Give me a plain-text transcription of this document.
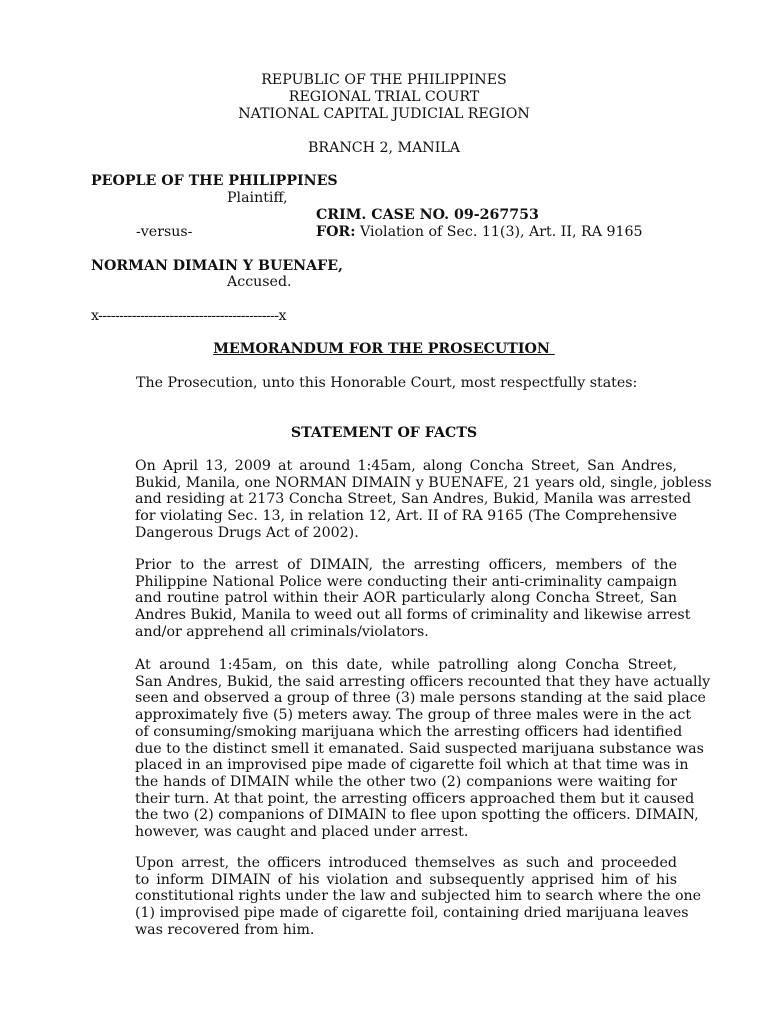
REPUBLIC OF THE PHILIPPINES
REGIONAL TRIAL COURT
NATIONAL CAPITAL JUDICIAL REGION
BRANCH 2, MANILA
PEOPLE OF THE PHILIPPINES
Plaintiff,
CRIM. CASE NO. 09-267753
-versus-	FOR: Violation of Sec. 11(3), Art. II, RA 9165
NORMAN DIMAIN Y BUENAFE,
Accused.
x-------------------------------------------x
MEMORANDUM FOR THE PROSECUTION
The Prosecution, unto this Honorable Court, most respectfully states:
STATEMENT OF FACTS
On April 13, 2009 at around 1:45am, along Concha Street, San Andres,
Bukid, Manila, one NORMAN DIMAIN y BUENAFE, 21 years old, single, jobless
and residing at 2173 Concha Street, San Andres, Bukid, Manila was arrested
for violating Sec. 13, in relation 12, Art. II of RA 9165 (The Comprehensive
Dangerous Drugs Act of 2002).
Prior to the arrest of DIMAIN, the arresting officers, members of the
Philippine National Police were conducting their anti-criminality campaign
and routine patrol within their AOR particularly along Concha Street, San
Andres Bukid, Manila to weed out all forms of criminality and likewise arrest
and/or apprehend all criminals/violators.
At around 1:45am, on this date, while patrolling along Concha Street,
San Andres, Bukid, the said arresting officers recounted that they have actually
seen and observed a group of three (3) male persons standing at the said place
approximately five (5) meters away. The group of three males were in the act
of consuming/smoking marijuana which the arresting officers had identified
due to the distinct smell it emanated. Said suspected marijuana substance was
placed in an improvised pipe made of cigarette foil which at that time was in
the hands of DIMAIN while the other two (2) companions were waiting for
their turn. At that point, the arresting officers approached them but it caused
the two (2) companions of DIMAIN to flee upon spotting the officers. DIMAIN,
however, was caught and placed under arrest.
Upon arrest, the officers introduced themselves as such and proceeded
to inform DIMAIN of his violation and subsequently apprised him of his
constitutional rights under the law and subjected him to search where the one
(1) improvised pipe made of cigarette foil, containing dried marijuana leaves
was recovered from him.
